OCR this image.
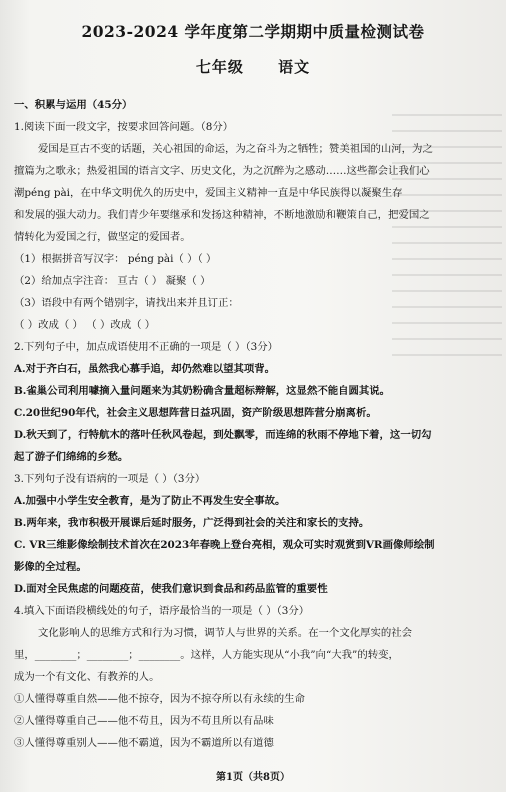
2023-2024 学年度第二学期期中质量检测试卷
七年级 语文
一、积累与运用（45分）
1.阅读下面一段文字，按要求回答问题。（8分）
爱国是亘古不变的话题，关心祖国的命运，为之奋斗为之牺牲；赞美祖国的山河，为之
擅篇为之歌永；热爱祖国的语言文字、历史文化，为之沉醉为之感动……这些都会让我们心
潮péng pài，在中华文明优久的历史中，爱国主义精神一直是中华民族得以凝聚生存
和发展的强大动力。我们青少年要继承和发扬这种精神，不断地激励和鞭策自己，把爱国之
情转化为爱国之行，做坚定的爱国者。
（1）根据拼音写汉字： péng pài（ ）（ ）
（2）给加点字注音： 亘古（ ） 凝聚（ ）
（3）语段中有两个错别字，请找出来并且订正：
（ ）改成（ ） （ ）改成（ ）
2.下列句子中，加点成语使用不正确的一项是（ ）（3分）
A.对于齐白石，虽然我心慕手追，却仍然难以望其项背。
B.雀巢公司利用噱摘入量问题来为其奶粉确含量超标辩解，这显然不能自圆其说。
C.20世纪90年代，社会主义思想阵营日益巩固，资产阶级思想阵营分崩离析。
D.秋天到了，行特航木的落叶任秋风卷起，到处飘零，而连绵的秋雨不停地下着，这一切勾
起了游子们绵绵的乡愁。
3.下列句子没有语病的一项是（ ）（3分）
A.加强中小学生安全教育，是为了防止不再发生安全事故。
B.两年来，我市积极开展课后延时服务，广泛得到社会的关注和家长的支持。
C. VR三维影像绘制技术首次在2023年春晚上登台亮相，观众可实时观赏到VR画像师绘制
影像的全过程。
D.面对全民焦虑的问题疫苗，使我们意识到食品和药品监管的重要性
4.填入下面语段横线处的句子，语序最恰当的一项是（ ）（3分）
文化影响人的思维方式和行为习惯，调节人与世界的关系。在一个文化厚实的社会
里，________；________；________。这样，人方能实现从“小我”向“大我”的转变，
成为一个有文化、有教养的人。
①人懂得尊重自然——他不掠夺，因为不掠夺所以有永续的生命
②人懂得尊重自己——他不苟且，因为不苟且所以有品味
③人懂得尊重别人——他不霸道，因为不霸道所以有道德
第1页（共8页）
